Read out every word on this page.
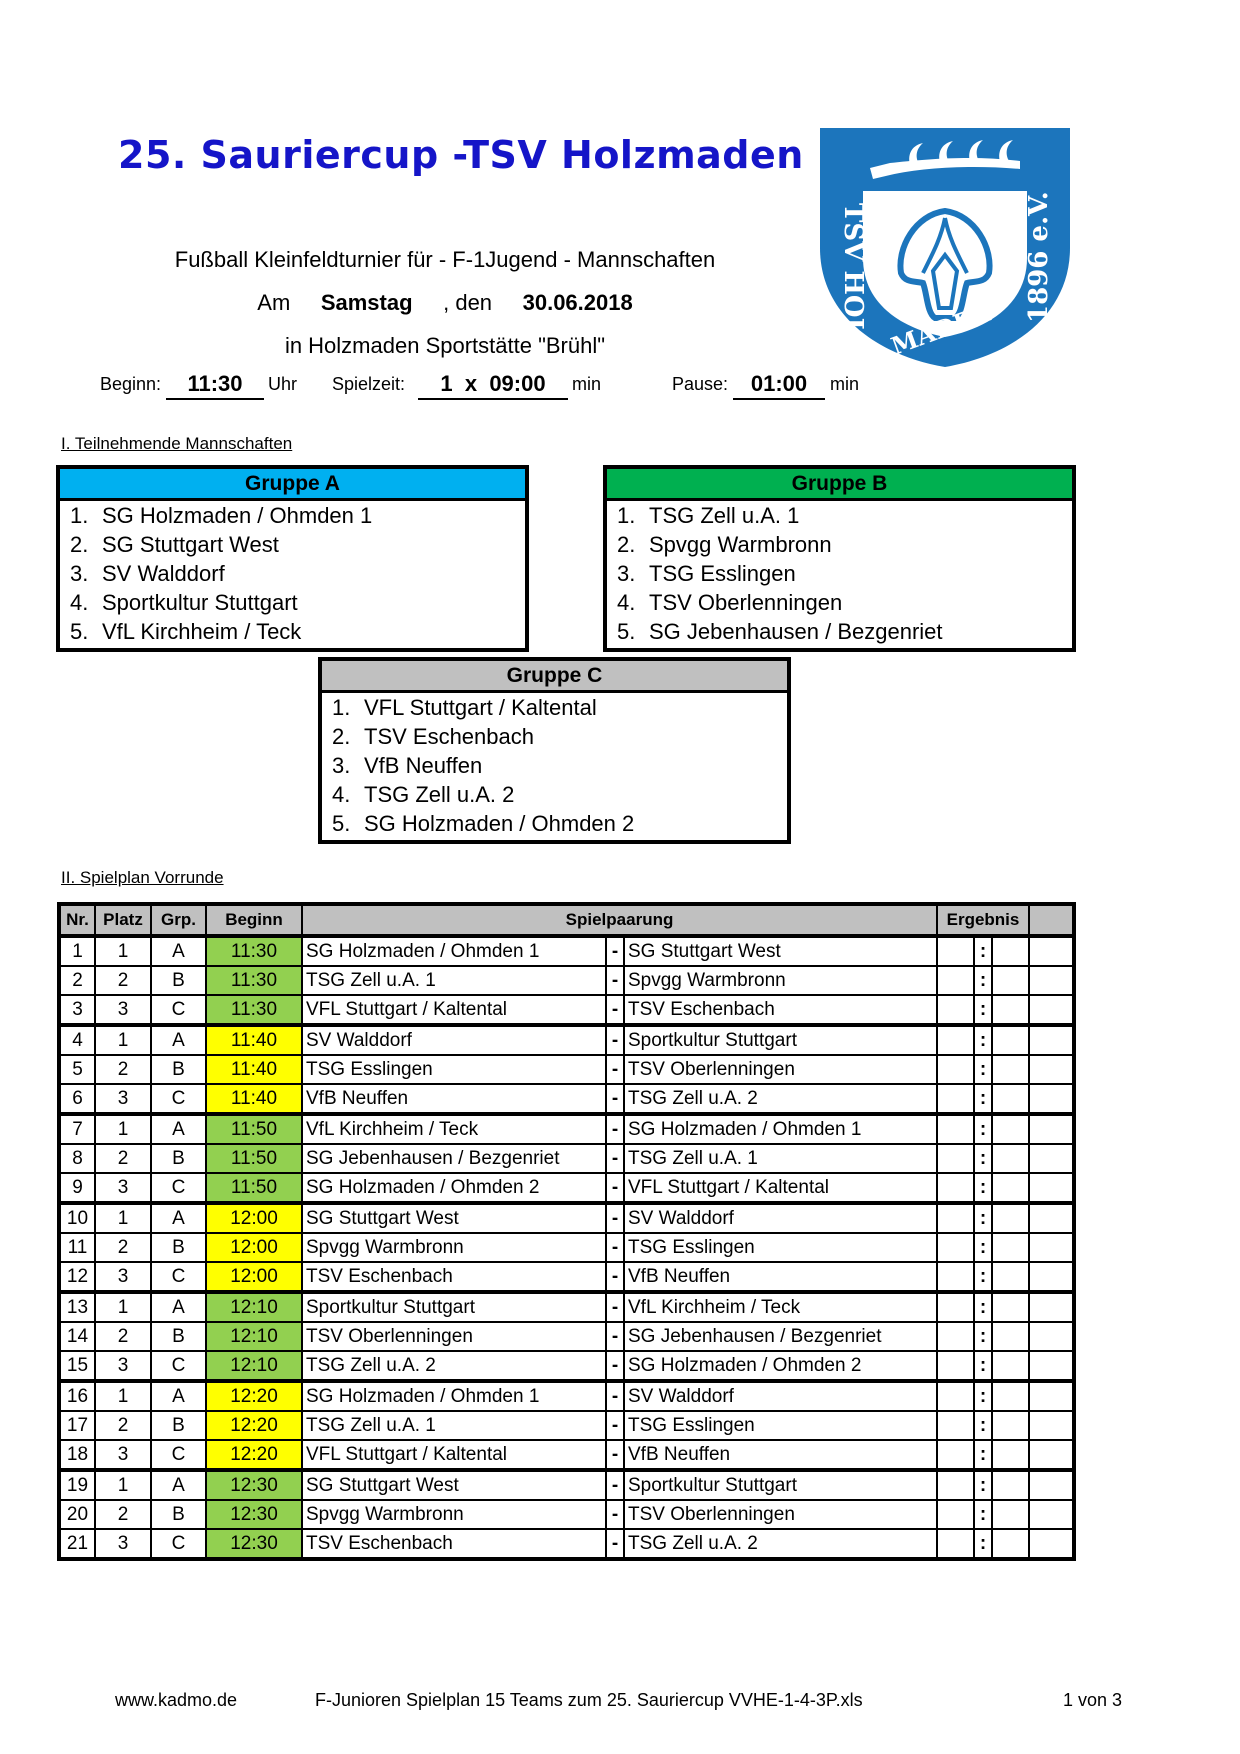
25. Sauriercup -TSV Holzmaden
TSV HOLZ MADEN
1896 e.V.
Fußball Kleinfeldturnier für - F-1Jugend - Mannschaften
Am Samstag , den 30.06.2018
in Holzmaden Sportstätte "Brühl"
Beginn:	11:30	Uhr Spielzeit:	1  x  09:00	min	Pause:	01:00	min
I. Teilnehmende Mannschaften
Gruppe A
1. SG Holzmaden / Ohmden 1
2. SG Stuttgart West
3. SV Walddorf
4. Sportkultur Stuttgart
5. VfL Kirchheim / Teck
Gruppe B
1. TSG Zell u.A. 1
2. Spvgg Warmbronn
3. TSG Esslingen
4. TSV Oberlenningen
5. SG Jebenhausen / Bezgenriet
Gruppe C
1. VFL Stuttgart / Kaltental
2. TSV Eschenbach
3. VfB Neuffen
4. TSG Zell u.A. 2
5. SG Holzmaden / Ohmden 2
II. Spielplan Vorrunde
Nr.	Platz	Grp.	Beginn	Spielpaarung			Ergebnis			
1	1	A	11:30	SG Holzmaden / Ohmden 1	-	SG Stuttgart West		:		
2	2	B	11:30	TSG Zell u.A. 1	-	Spvgg Warmbronn		:		
3	3	C	11:30	VFL Stuttgart / Kaltental	-	TSV Eschenbach		:		
4	1	A	11:40	SV Walddorf	-	Sportkultur Stuttgart		:		
5	2	B	11:40	TSG Esslingen	-	TSV Oberlenningen		:		
6	3	C	11:40	VfB Neuffen	-	TSG Zell u.A. 2		:		
7	1	A	11:50	VfL Kirchheim / Teck	-	SG Holzmaden / Ohmden 1		:		
8	2	B	11:50	SG Jebenhausen / Bezgenriet	-	TSG Zell u.A. 1		:		
9	3	C	11:50	SG Holzmaden / Ohmden 2	-	VFL Stuttgart / Kaltental		:		
10	1	A	12:00	SG Stuttgart West	-	SV Walddorf		:		
11	2	B	12:00	Spvgg Warmbronn	-	TSG Esslingen		:		
12	3	C	12:00	TSV Eschenbach	-	VfB Neuffen		:		
13	1	A	12:10	Sportkultur Stuttgart	-	VfL Kirchheim / Teck		:		
14	2	B	12:10	TSV Oberlenningen	-	SG Jebenhausen / Bezgenriet		:		
15	3	C	12:10	TSG Zell u.A. 2	-	SG Holzmaden / Ohmden 2		:		
16	1	A	12:20	SG Holzmaden / Ohmden 1	-	SV Walddorf		:		
17	2	B	12:20	TSG Zell u.A. 1	-	TSG Esslingen		:		
18	3	C	12:20	VFL Stuttgart / Kaltental	-	VfB Neuffen		:		
19	1	A	12:30	SG Stuttgart West	-	Sportkultur Stuttgart		:		
20	2	B	12:30	Spvgg Warmbronn	-	TSV Oberlenningen		:		
21	3	C	12:30	TSV Eschenbach	-	TSG Zell u.A. 2		:		
www.kadmo.de	F-Junioren Spielplan 15 Teams zum 25. Sauriercup VVHE-1-4-3P.xls	1 von 3
